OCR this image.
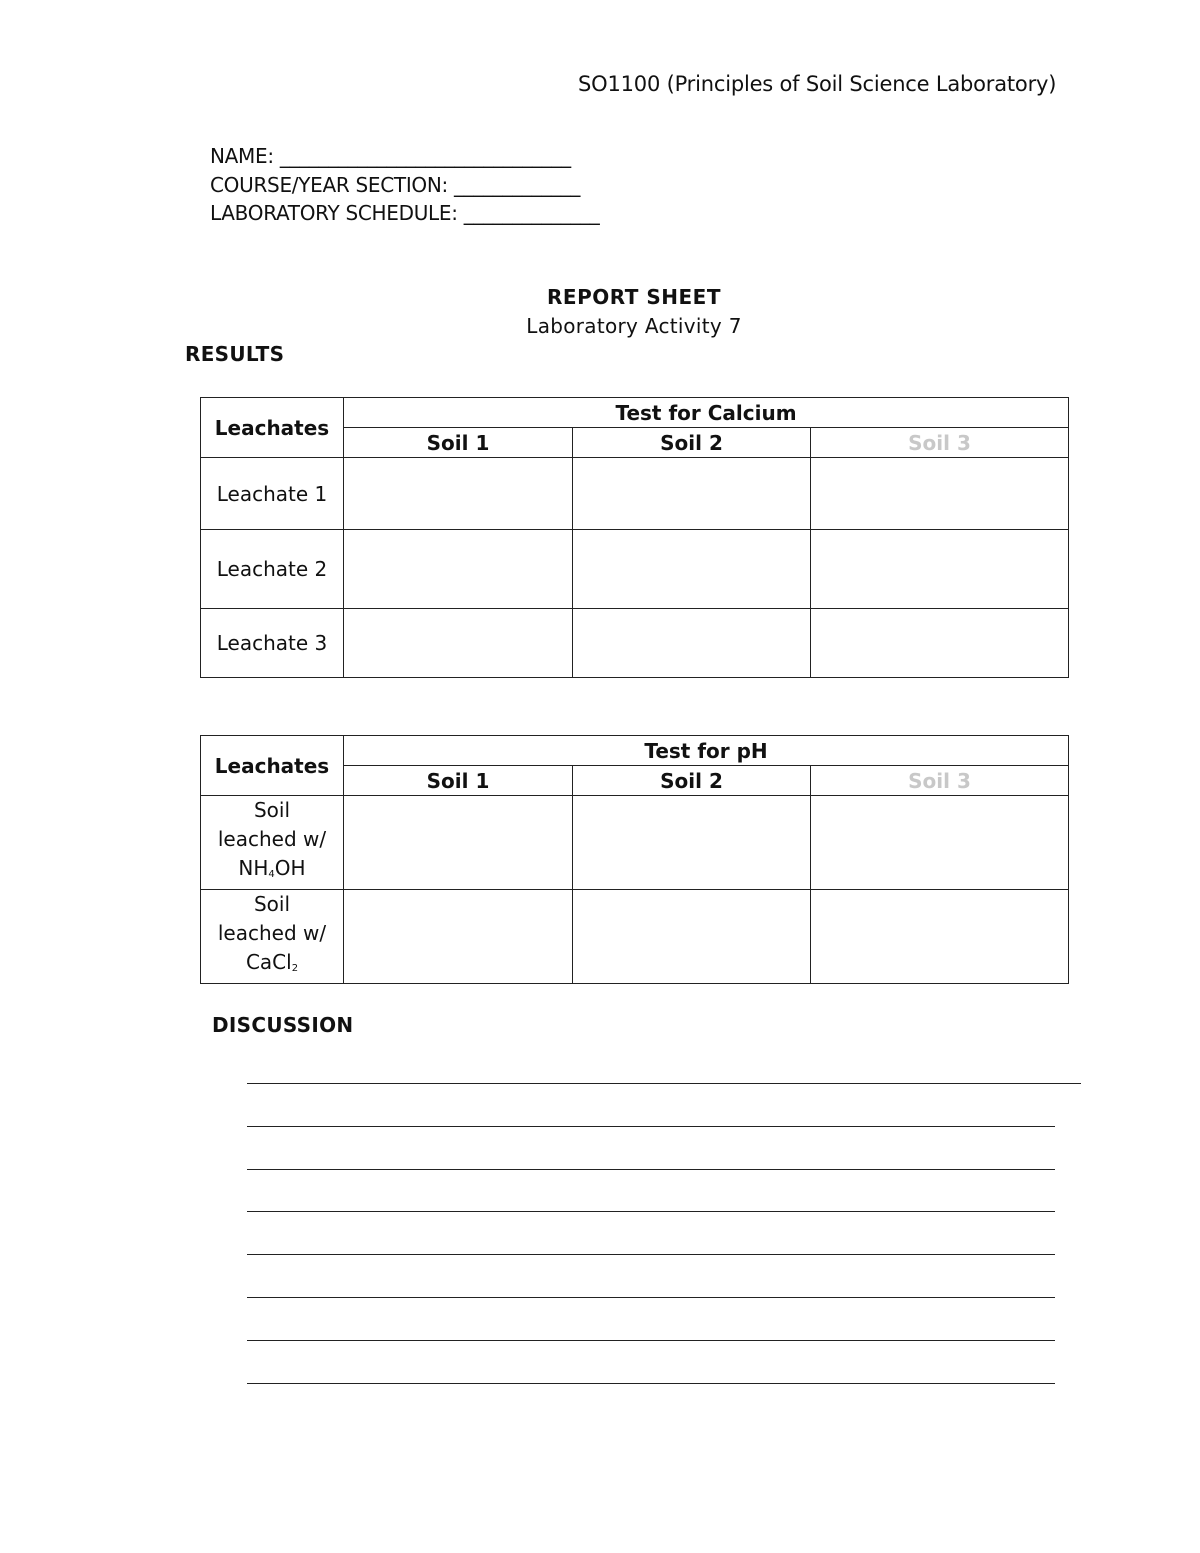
SO1100 (Principles of Soil Science Laboratory)
NAME: ______________________________
COURSE/YEAR SECTION: _____________
LABORATORY SCHEDULE: ______________
REPORT SHEET
Laboratory Activity 7
RESULTS
Leachates	Test for Calcium		
	Soil 1	Soil 2	Soil 3
Leachate 1			
Leachate 2			
Leachate 3			
Leachates	Test for pH		
	Soil 1	Soil 2	Soil 3

Soil
leached w/
$NH_4OH$			

Soil
leached w/
CaCl$_2$

DISCUSSION
